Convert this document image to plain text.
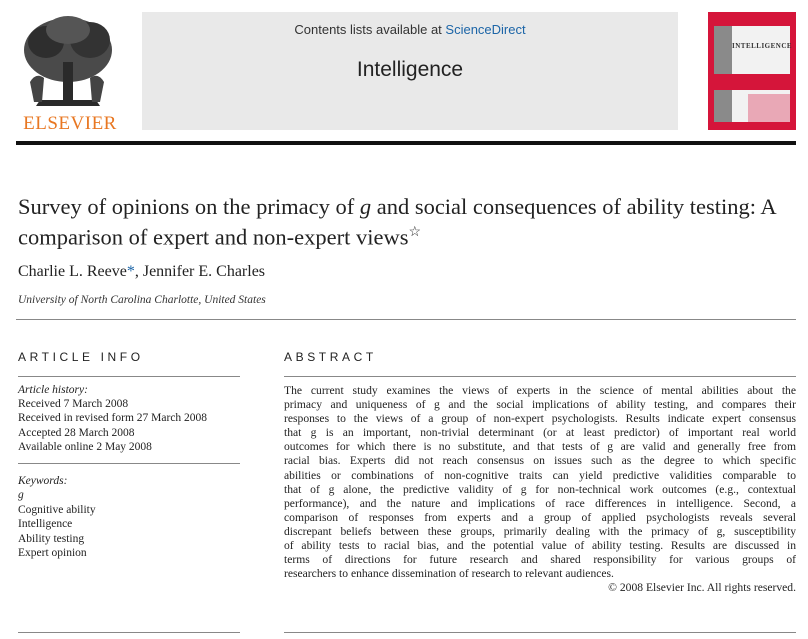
ELSEVIER
Contents lists available at ScienceDirect
Intelligence
INTELLIGENCE
Survey of opinions on the primacy of g and social consequences of ability testing: A comparison of expert and non-expert views☆
Charlie L. Reeve*, Jennifer E. Charles
University of North Carolina Charlotte, United States
ARTICLE INFO
Article history:
Received 7 March 2008
Received in revised form 27 March 2008
Accepted 28 March 2008
Available online 2 May 2008
Keywords:
g
Cognitive ability
Intelligence
Ability testing
Expert opinion
ABSTRACT
The current study examines the views of experts in the science of mental abilities about the
primacy and uniqueness of g and the social implications of ability testing, and compares their
responses to the views of a group of non-expert psychologists. Results indicate expert consensus
that g is an important, non-trivial determinant (or at least predictor) of important real world
outcomes for which there is no substitute, and that tests of g are valid and generally free from
racial bias. Experts did not reach consensus on issues such as the degree to which specific
abilities or combinations of non-cognitive traits can yield predictive validities comparable to
that of g alone, the predictive validity of g for non-technical work outcomes (e.g., contextual
performance), and the nature and implications of race differences in intelligence. Second, a
comparison of responses from experts and a group of applied psychologists reveals several
discrepant beliefs between these groups, primarily dealing with the primacy of g, susceptibility
of ability tests to racial bias, and the potential value of ability testing. Results are discussed in
terms of directions for future research and shared responsibility for various groups of
researchers to enhance dissemination of research to relevant audiences.
© 2008 Elsevier Inc. All rights reserved.
